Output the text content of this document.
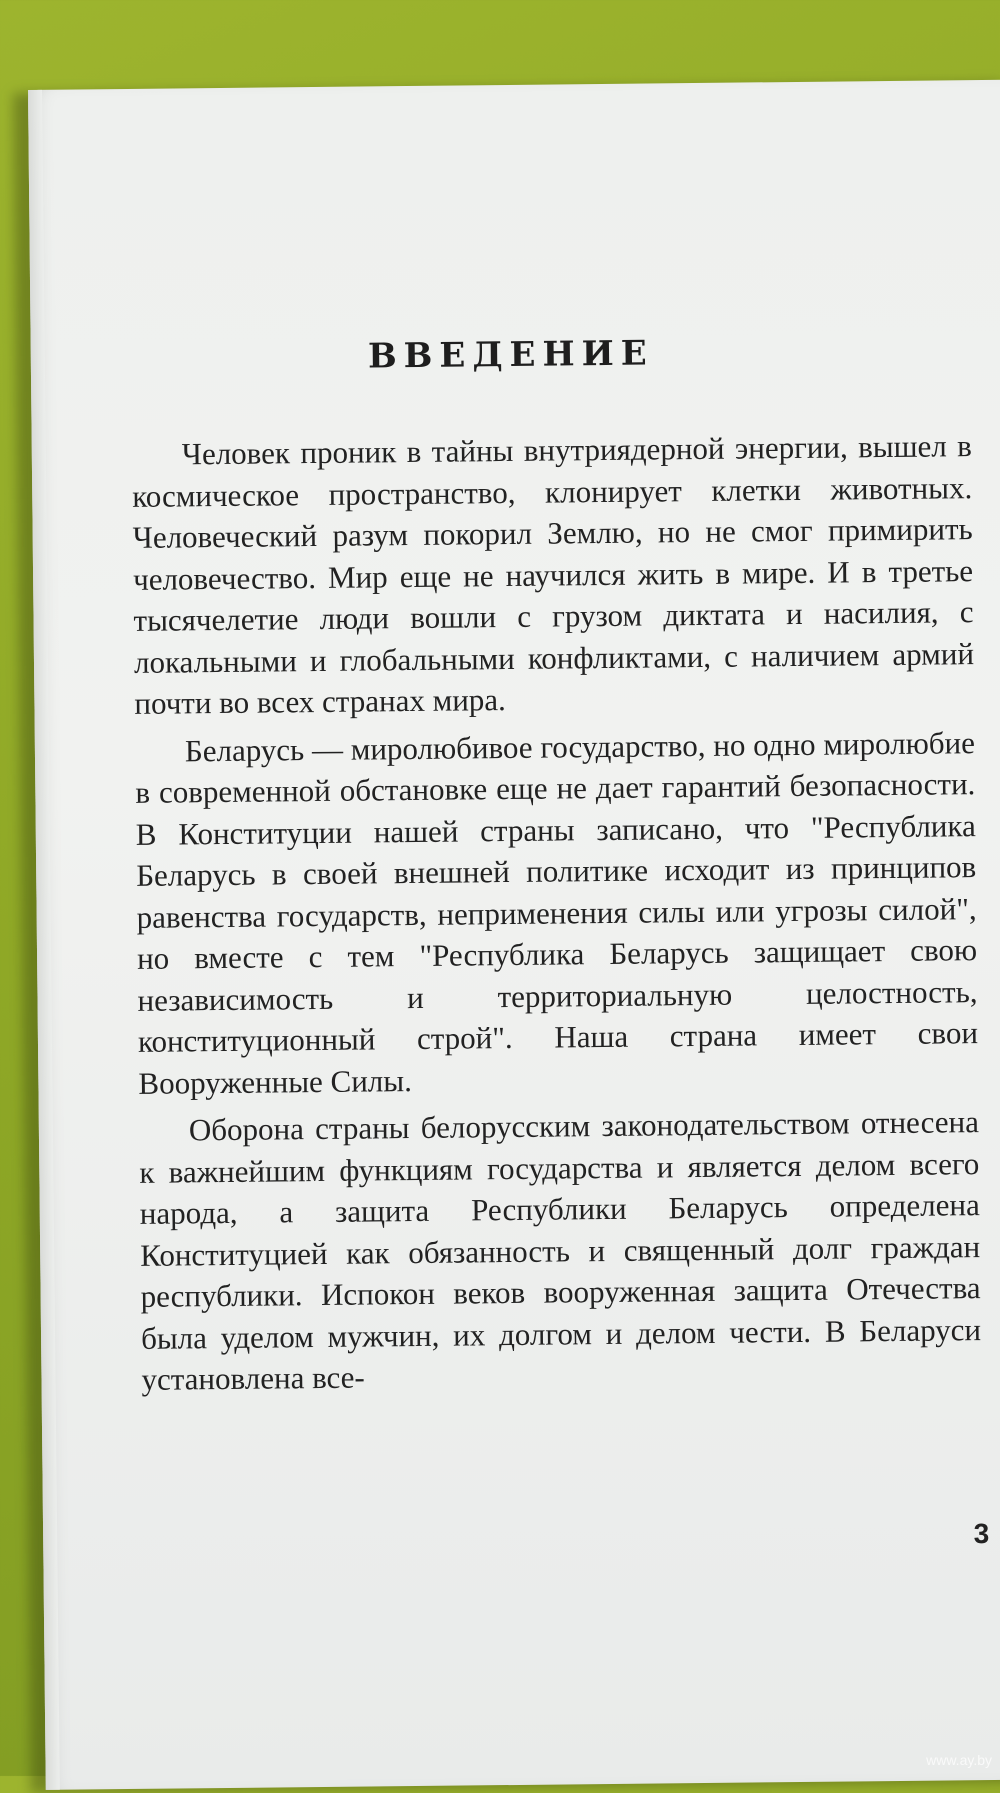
ВВЕДЕНИЕ

Человек проник в тайны внутриядерной энергии, вышел в космическое пространство, клонирует клетки животных. Человеческий разум покорил Землю, но не смог примирить человечество. Мир еще не научился жить в мире. И в третье тысячелетие люди вошли с грузом диктата и насилия, с локальными и глобальными конфликтами, с наличием армий почти во всех странах мира.

Беларусь — миролюбивое государство, но одно миролюбие в современной обстановке еще не дает гарантий безопасности. В Конституции нашей страны записано, что "Республика Беларусь в своей внешней политике исходит из принципов равенства государств, неприменения силы или угрозы силой", но вместе с тем "Республика Беларусь защищает свою независимость и территориальную целостность, конституционный строй". Наша страна имеет свои Вооруженные Силы.

Оборона страны белорусским законодательством отнесена к важнейшим функциям государства и является делом всего народа, а защита Республики Беларусь определена Конституцией как обязанность и священный долг граждан республики. Испокон веков вооруженная защита Отечества была уделом мужчин, их долгом и делом чести. В Беларуси установлена все-

3
www.ay.by
